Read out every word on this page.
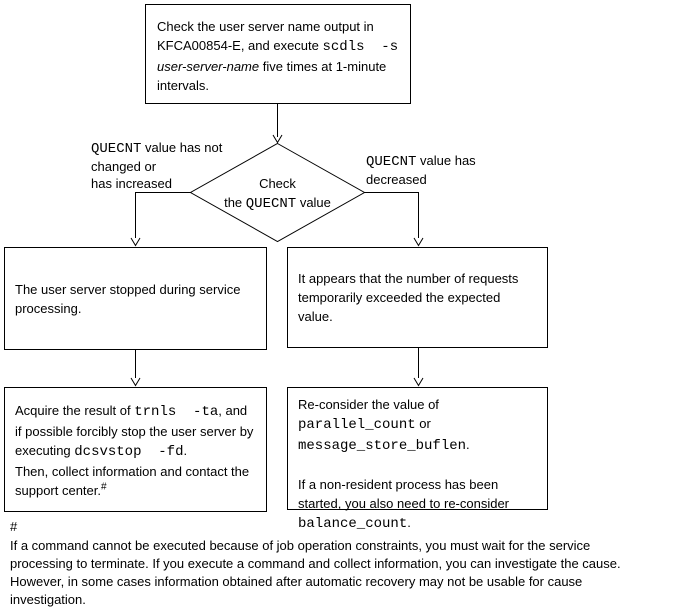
Check the user server name output in KFCA00854-E, and execute scdls  -s user-server-name five times at 1-minute intervals.
Check
the QUECNT value
QUECNT value has not
changed or
has increased
QUECNT value has
decreased
The user server stopped during service processing.
It appears that the number of requests temporarily exceeded the expected value.
Acquire the result of trnls  -ta, and if possible forcibly stop the user server by executing dcsvstop  -fd.
Then, collect information and contact the support center.#

Re-consider the value of parallel_count or message_store_buflen.

If a non-resident process has been started, you also need to re-consider balance_count.

#
If a command cannot be executed because of job operation constraints, you must wait for the service
processing to terminate. If you execute a command and collect information, you can investigate the cause.
However, in some cases information obtained after automatic recovery may not be usable for cause
investigation.
